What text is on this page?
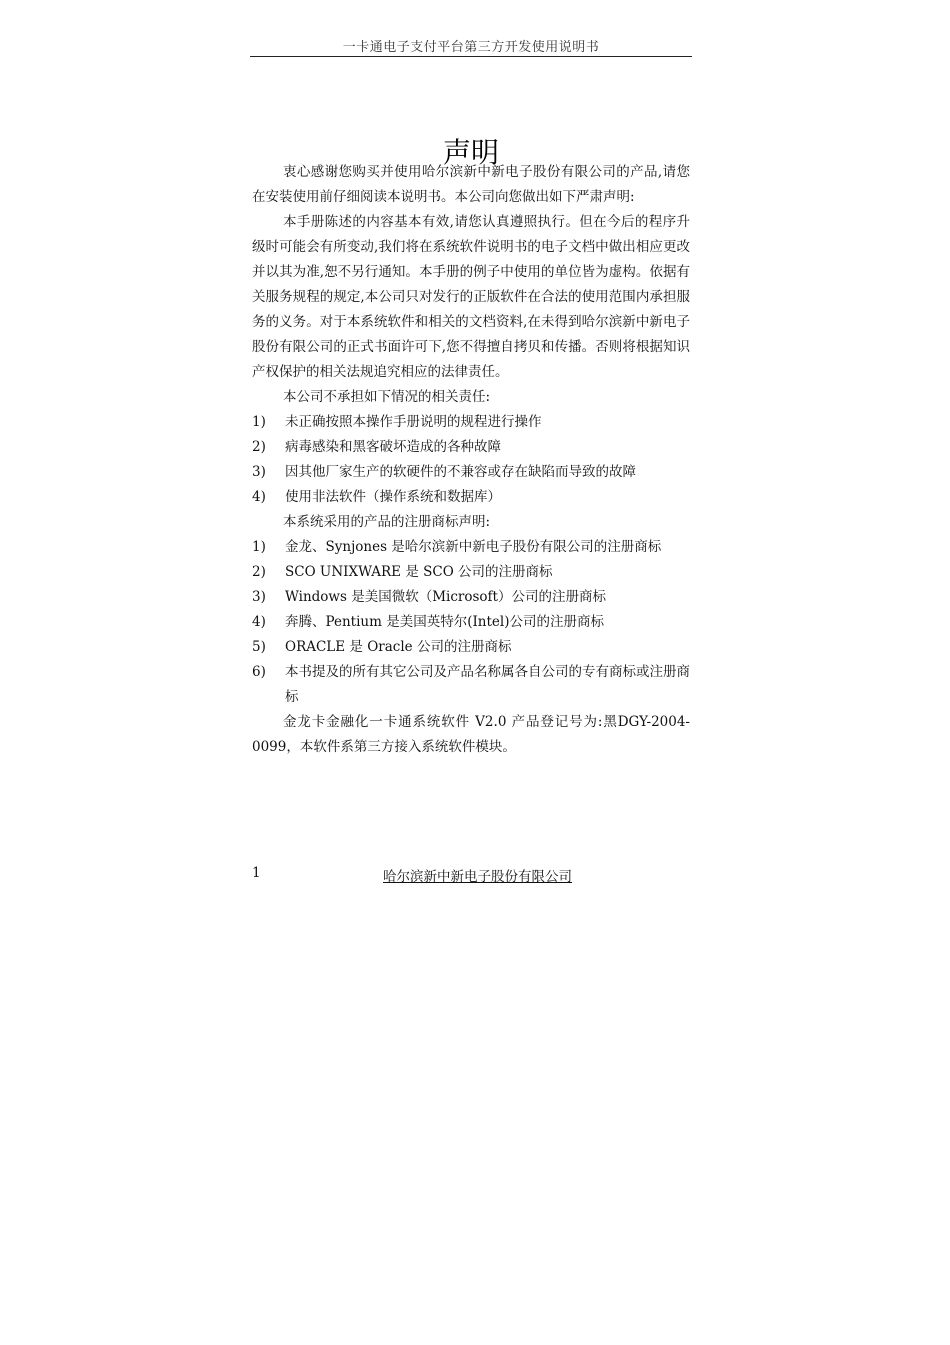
一卡通电子支付平台第三方开发使用说明书
声明

衷心感谢您购买并使用哈尔滨新中新电子股份有限公司的产品,请您在安装使用前仔细阅读本说明书。本公司向您做出如下严肃声明:

本手册陈述的内容基本有效,请您认真遵照执行。但在今后的程序升级时可能会有所变动,我们将在系统软件说明书的电子文档中做出相应更改并以其为准,恕不另行通知。本手册的例子中使用的单位皆为虚构。依据有关服务规程的规定,本公司只对发行的正版软件在合法的使用范围内承担服务的义务。对于本系统软件和相关的文档资料,在未得到哈尔滨新中新电子股份有限公司的正式书面许可下,您不得擅自拷贝和传播。否则将根据知识产权保护的相关法规追究相应的法律责任。

本公司不承担如下情况的相关责任:

1)	未正确按照本操作手册说明的规程进行操作
2)	病毒感染和黑客破坏造成的各种故障
3)	因其他厂家生产的软硬件的不兼容或存在缺陷而导致的故障
4)	使用非法软件（操作系统和数据库）

本系统采用的产品的注册商标声明:

1)	金龙、Synjones 是哈尔滨新中新电子股份有限公司的注册商标
2)	SCO UNIXWARE 是 SCO 公司的注册商标
3)	Windows 是美国微软（Microsoft）公司的注册商标
4)	奔腾、Pentium 是美国英特尔(Intel)公司的注册商标
5)	ORACLE 是 Oracle 公司的注册商标
6)	本书提及的所有其它公司及产品名称属各自公司的专有商标或注册商标

金龙卡金融化一卡通系统软件 V2.0 产品登记号为:黑DGY-2004-0099，本软件系第三方接入系统软件模块。

1	哈尔滨新中新电子股份有限公司
